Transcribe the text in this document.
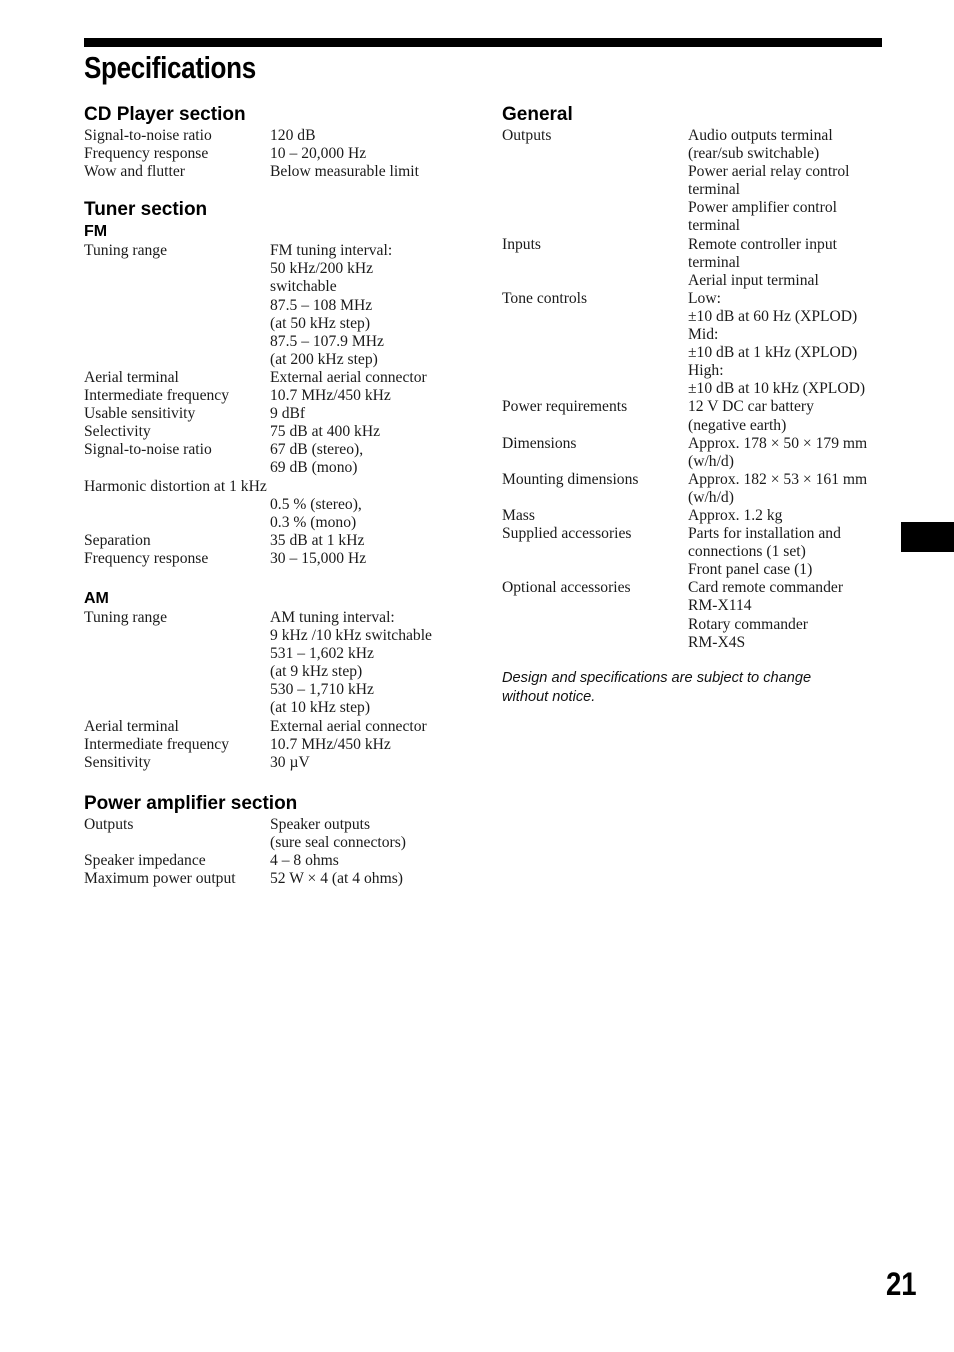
Specifications
21
CD Player section
Signal-to-noise ratio	120 dB
Frequency response	10 – 20,000 Hz
Wow and flutter	Below measurable limit
Tuner section
FM
Tuning range	FM tuning interval:
50 kHz/200 kHz
switchable
87.5 – 108 MHz
(at 50 kHz step)
87.5 – 107.9 MHz
(at 200 kHz step)
Aerial terminal	External aerial connector
Intermediate frequency	10.7 MHz/450 kHz
Usable sensitivity	9 dBf
Selectivity	75 dB at 400 kHz
Signal-to-noise ratio	67 dB (stereo),
69 dB (mono)
Harmonic distortion at 1 kHz
0.5 % (stereo),
0.3 % (mono)
Separation	35 dB at 1 kHz
Frequency response	30 – 15,000 Hz
AM
Tuning range	AM tuning interval:
9 kHz /10 kHz switchable
531 – 1,602 kHz
(at 9 kHz step)
530 – 1,710 kHz
(at 10 kHz step)
Aerial terminal	External aerial connector
Intermediate frequency	10.7 MHz/450 kHz
Sensitivity	30 µV
Power amplifier section
Outputs	Speaker outputs
(sure seal connectors)
Speaker impedance	4 – 8 ohms
Maximum power output	52 W × 4 (at 4 ohms)
General
Outputs	Audio outputs terminal
(rear/sub switchable)
Power aerial relay control
terminal
Power amplifier control
terminal
Inputs	Remote controller input
terminal
Aerial input terminal
Tone controls	Low:
±10 dB at 60 Hz (XPLOD)
Mid:
±10 dB at 1 kHz (XPLOD)
High:
±10 dB at 10 kHz (XPLOD)
Power requirements	12 V DC car battery
(negative earth)
Dimensions	Approx. 178 × 50 × 179 mm
(w/h/d)
Mounting dimensions	Approx. 182 × 53 × 161 mm
(w/h/d)
Mass	Approx. 1.2 kg
Supplied accessories	Parts for installation and
connections (1 set)
Front panel case (1)
Optional accessories	Card remote commander
RM-X114
Rotary commander
RM-X4S

Design and specifications are subject to change
without notice.
